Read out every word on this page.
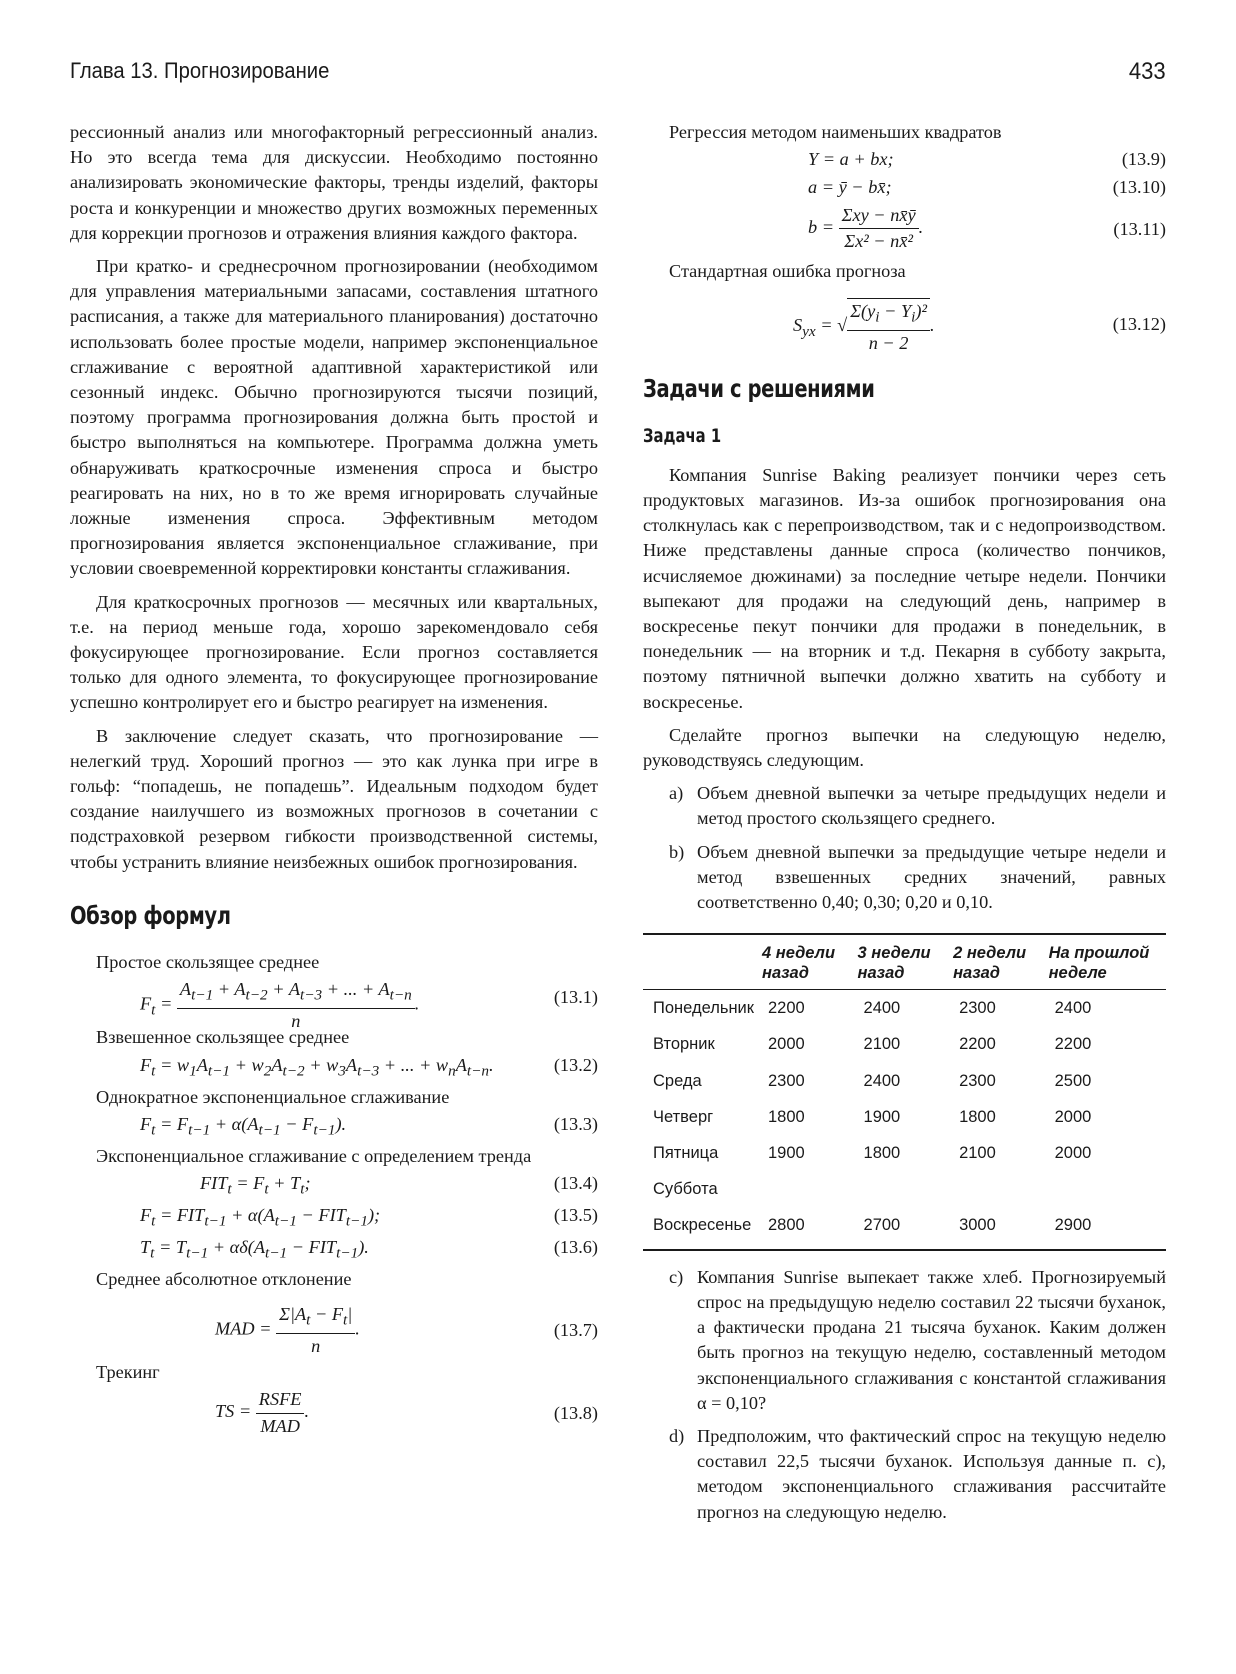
Глава 13. Прогнозирование	433

рессионный анализ или многофакторный регрессионный анализ. Но это всегда тема для дискуссии. Необходимо постоянно анализировать экономические факторы, тренды изделий, факторы роста и конкуренции и множество других возможных переменных для коррекции прогнозов и отражения влияния каждого фактора.

При кратко- и среднесрочном прогнозировании (необходимом для управления материальными запасами, составления штатного расписания, а также для материального планирования) достаточно использовать более простые модели, например экспоненциальное сглаживание с вероятной адаптивной характеристикой или сезонный индекс. Обычно прогнозируются тысячи позиций, поэтому программа прогнозирования должна быть простой и быстро выполняться на компьютере. Программа должна уметь обнаруживать краткосрочные изменения спроса и быстро реагировать на них, но в то же время игнорировать случайные ложные изменения спроса. Эффективным методом прогнозирования является экспоненциальное сглаживание, при условии своевременной корректировки константы сглаживания.

Для краткосрочных прогнозов — месячных или квартальных, т.е. на период меньше года, хорошо зарекомендовало себя фокусирующее прогнозирование. Если прогноз составляется только для одного элемента, то фокусирующее прогнозирование успешно контролирует его и быстро реагирует на изменения.

В заключение следует сказать, что прогнозирование — нелегкий труд. Хороший прогноз — это как лунка при игре в гольф: “попадешь, не попадешь”. Идеальным подходом будет создание наилучшего из возможных прогнозов в сочетании с подстраховкой резервом гибкости производственной системы, чтобы устранить влияние неизбежных ошибок прогнозирования.

Обзор формул
Простое скользящее среднее
$F_t = \frac{A_{t-1} + A_{t-2} + A_{t-3} + ... + A_{t-n}}{n}$ .	(13.1)
Взвешенное скользящее среднее
$F_t = w_1A_{t-1} + w_2A_{t-2} + w_3A_{t-3}$ + ... + $w_nA_{t-n}$.	(13.2)
Однократное экспоненциальное сглаживание
$F_t = F_{t-1} + \alpha(A_{t-1} - F_{t-1})$.	(13.3)
Экспоненциальное сглаживание с определением тренда
$FIT_t = F_t + T_t$;	(13.4)
$F_t = FIT_{t-1} + \alpha(A_{t-1} - FIT_{t-1})$;	(13.5)
$T_t = T_{t-1} + \alpha\delta(A_{t-1} - FIT_{t-1})$.	(13.6)
Среднее абсолютное отклонение
MAD = $\frac{\Sigma|A_t - F_t|}{n}$ .	(13.7)
Трекинг
TS = $\frac{\text{RSFE}}{\text{MAD}}$ .	(13.8)
Регрессия методом наименьших квадратов
Y = a + bx;	(13.9)
a = ȳ − bx̄;	(13.10)
$b = \frac{\text{Σxy − nx̄ȳ}}{\text{Σx² − nx̄²}}$ .	(13.11)
Стандартная ошибка прогноза
$S_{yx}$ = √ $\frac{\Sigma(y_i - Y_i)^2}{n - 2}$ .	(13.12)
Задачи с решениями
Задача 1

Компания Sunrise Baking реализует пончики через сеть продуктовых магазинов. Из-за ошибок прогнозирования она столкнулась как с перепроизводством, так и с недопроизводством. Ниже представлены данные спроса (количество пончиков, исчисляемое дюжинами) за последние четыре недели. Пончики выпекают для продажи на следующий день, например в воскресенье пекут пончики для продажи в понедельник, в понедельник — на вторник и т.д. Пекарня в субботу закрыта, поэтому пятничной выпечки должно хватить на субботу и воскресенье.

Сделайте прогноз выпечки на следующую неделю, руководствуясь следующим.

a) Объем дневной выпечки за четыре предыдущих недели и метод простого скользящего среднего.
b) Объем дневной выпечки за предыдущие четыре недели и метод взвешенных средних значений, равных соответственно 0,40; 0,30; 0,20 и 0,10.
	4 недели назад	3 недели назад	2 недели назад	На прошлой неделе
Понедельник	2200	2400	2300	2400
Вторник	2000	2100	2200	2200
Среда	2300	2400	2300	2500
Четверг	1800	1900	1800	2000
Пятница	1900	1800	2100	2000
Суббота				
Воскресенье	2800	2700	3000	2900
c) Компания Sunrise выпекает также хлеб. Прогнозируемый спрос на предыдущую неделю составил 22 тысячи буханок, а фактически продана 21 тысяча буханок. Каким должен быть прогноз на текущую неделю, составленный методом экспоненциального сглаживания с константой сглаживания α = 0,10?
d) Предположим, что фактический спрос на текущую неделю составил 22,5 тысячи буханок. Используя данные п. c), методом экспоненциального сглаживания рассчитайте прогноз на следующую неделю.
